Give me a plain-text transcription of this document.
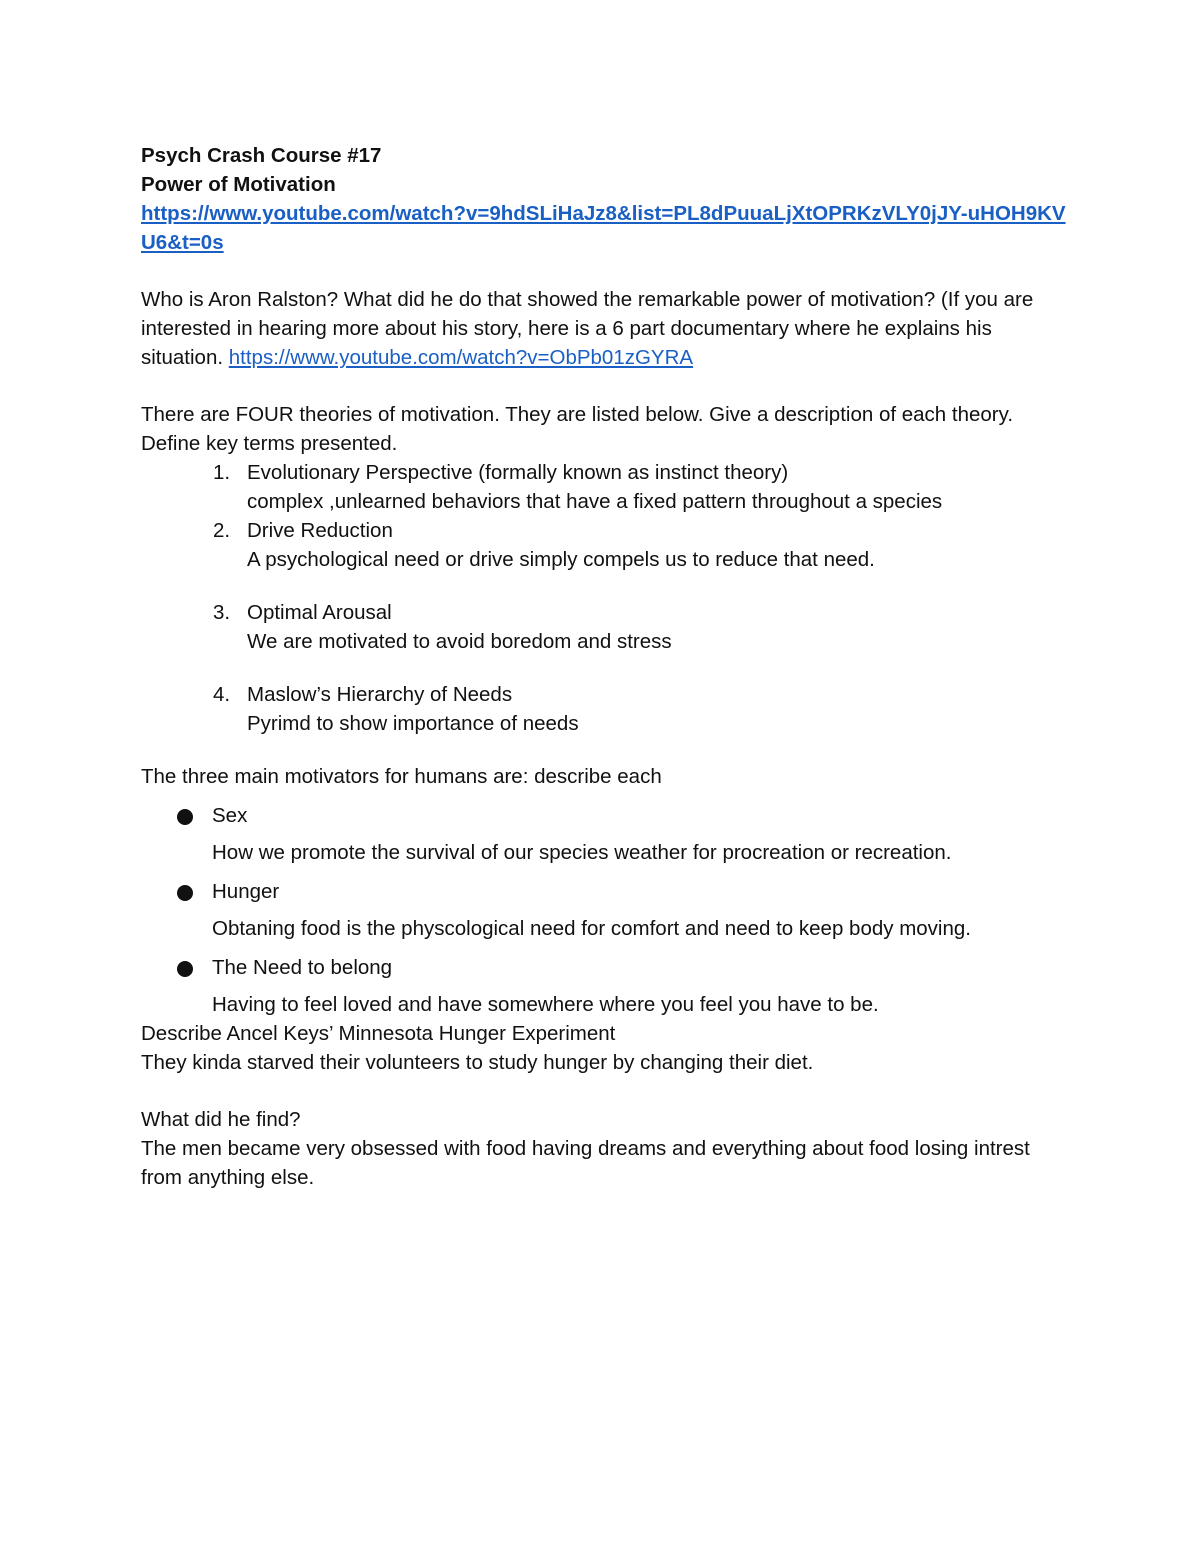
Psych Crash Course #17
Power of Motivation
https://www.youtube.com/watch?v=9hdSLiHaJz8&list=PL8dPuuaLjXtOPRKzVLY0jJY-uHOH9KVU6&t=0s
Who is Aron Ralston? What did he do that showed the remarkable power of motivation? (If you are interested in hearing more about his story, here is a 6 part documentary where he explains his situation. https://www.youtube.com/watch?v=ObPb01zGYRA
There are FOUR theories of motivation. They are listed below. Give a description of each theory. Define key terms presented.
1. Evolutionary Perspective (formally known as instinct theory)
complex ,unlearned behaviors that have a fixed pattern throughout a species
2. Drive Reduction
A psychological need or drive simply compels us to reduce that need.
3. Optimal Arousal
We are motivated to avoid boredom and stress
4. Maslow’s Hierarchy of Needs
Pyrimd to show importance of needs
The three main motivators for humans are: describe each
Sex
How we promote the survival of our species weather for procreation or recreation.
Hunger
Obtaning food is the physcological need for comfort and need to keep body moving.
The Need to belong
Having to feel loved and have somewhere where you feel you have to be.
Describe Ancel Keys’ Minnesota Hunger Experiment
They kinda starved their volunteers to study hunger by changing their diet.
What did he find?
The men became very obsessed with food having dreams and everything about food losing intrest from anything else.
